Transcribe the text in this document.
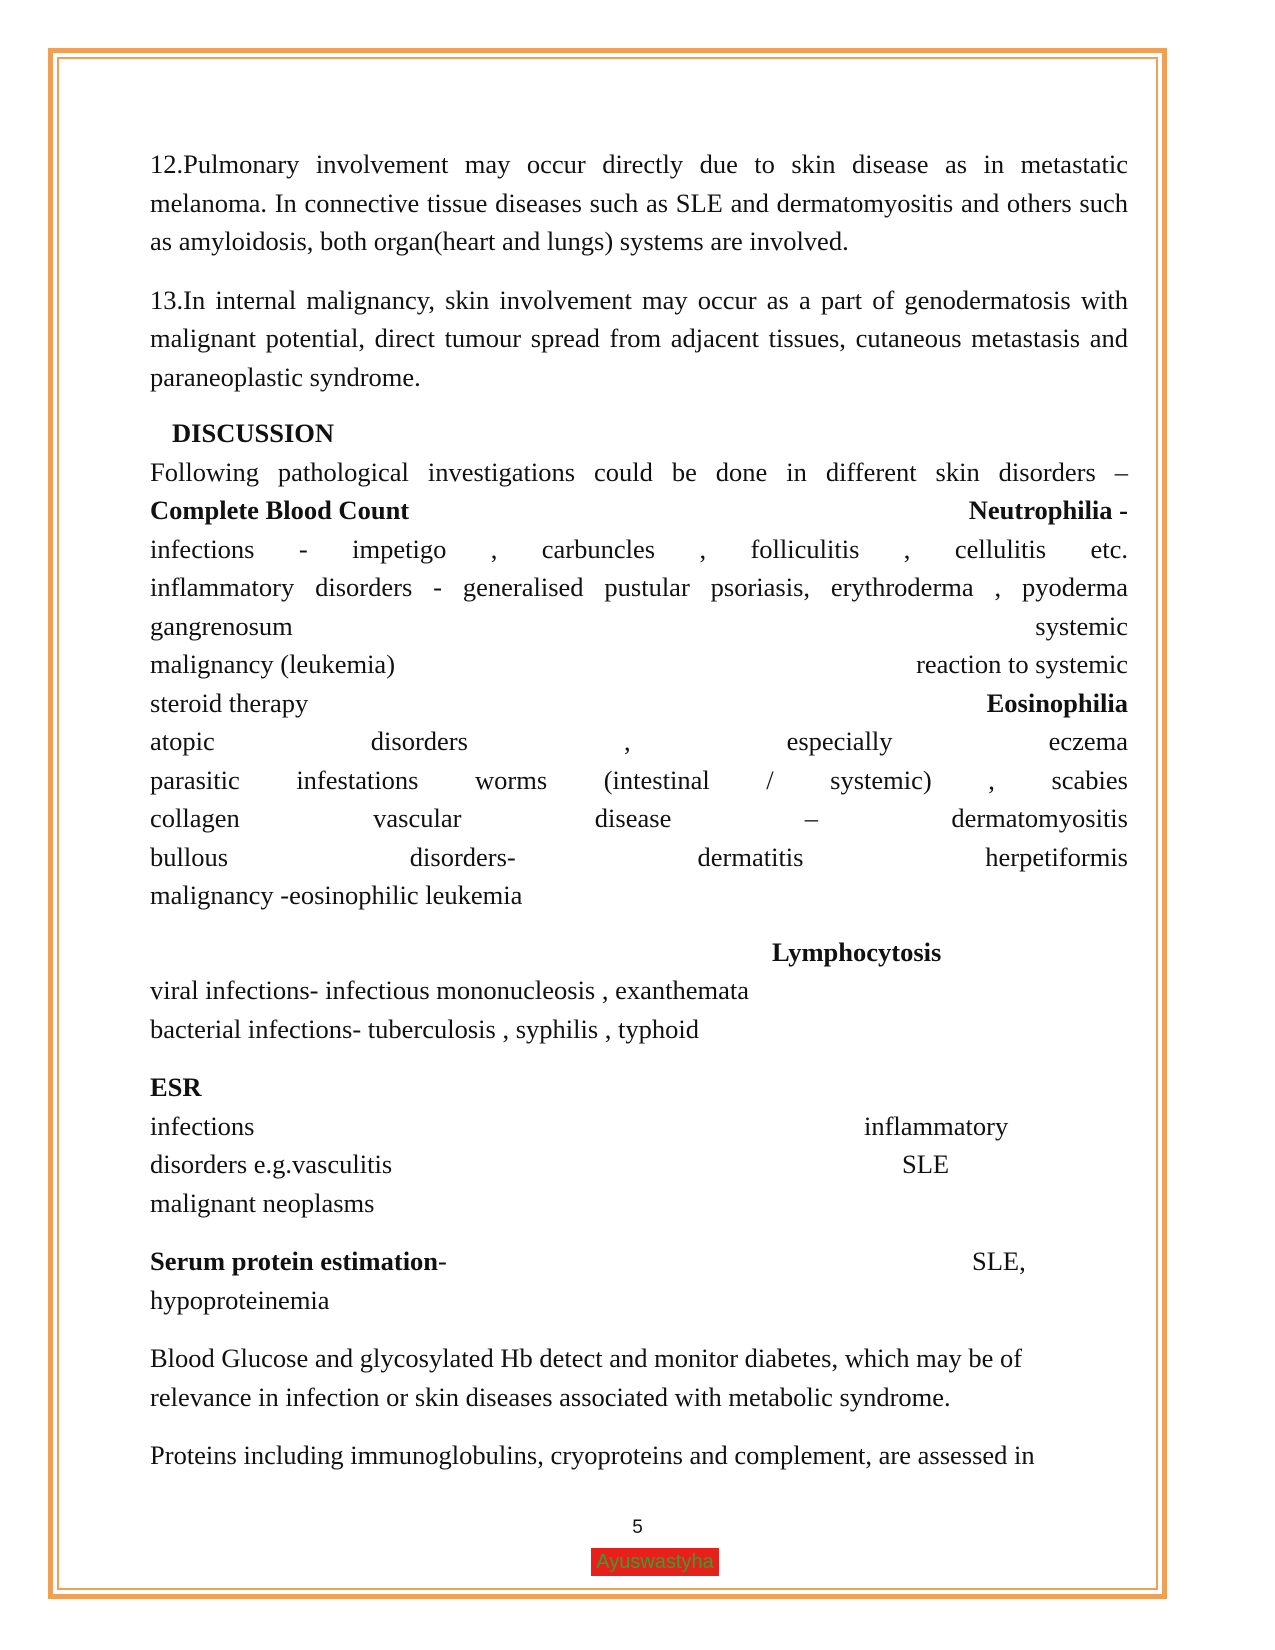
12.Pulmonary involvement may occur directly due to skin disease as in metastatic melanoma. In connective tissue diseases such as SLE and dermatomyositis and others such as amyloidosis, both organ(heart and lungs) systems are involved.

13.In internal malignancy, skin involvement may occur as a part of genodermatosis with malignant potential, direct tumour spread from adjacent tissues, cutaneous metastasis and paraneoplastic syndrome.

DISCUSSION

Following pathological investigations could be done in different skin disorders –

Complete Blood Count	Neutrophilia -

infections - impetigo , carbuncles , folliculitis , cellulitis etc.

inflammatory disorders - generalised pustular psoriasis, erythroderma , pyoderma

gangrenosum	systemic
malignancy (leukemia)	reaction to systemic
steroid therapy	Eosinophilia

atopic disorders , especially eczema

parasitic infestations worms (intestinal / systemic) , scabies

collagen vascular disease – dermatomyositis

bullous disorders- dermatitis herpetiformis

malignancy -eosinophilic leukemia

Lymphocytosis

viral infections- infectious mononucleosis , exanthemata

bacterial infections- tuberculosis , syphilis , typhoid

ESR

infections	inflammatory
disorders e.g.vasculitis	SLE

malignant neoplasms

Serum protein estimation-	SLE,

hypoproteinemia

Blood Glucose and glycosylated Hb detect and monitor diabetes, which may be of relevance in infection or skin diseases associated with metabolic syndrome.

Proteins including immunoglobulins, cryoproteins and complement, are assessed in

5
Ayuswastyha
